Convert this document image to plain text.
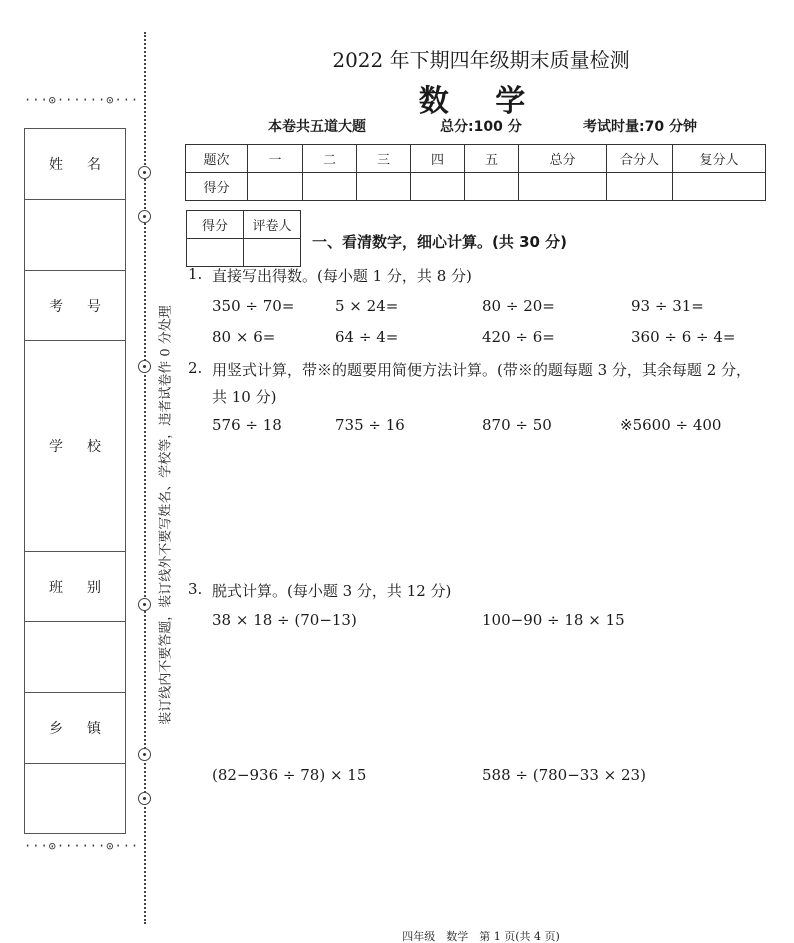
···⊙······⊙···
姓	名
考	号
学	校
班	别
乡	镇
···⊙······⊙···
装订线内不要答题，装订线外不要写姓名、学校等，违者试卷作 0 分处理
2022 年下期四年级期末质量检测
数 学
本卷共五道大题	总分:100 分	考试时量:70 分钟
题次	一	二	三	四	五	总分	合分人	复分人
得分								
得分	评卷人

一、看清数字，细心计算。(共 30 分)
1. 直接写出得数。(每小题 1 分，共 8 分)
350 ÷ 70=	5 × 24=	80 ÷ 20=	93 ÷ 31=
80 × 6=	64 ÷ 4=	420 ÷ 6=	360 ÷ 6 ÷ 4=
2. 用竖式计算，带※的题要用简便方法计算。(带※的题每题 3 分，其余每题 2 分，
共 10 分)
576 ÷ 18	735 ÷ 16	870 ÷ 50	※5600 ÷ 400
3. 脱式计算。(每小题 3 分，共 12 分)
38 × 18 ÷ (70−13)	100−90 ÷ 18 × 15
(82−936 ÷ 78) × 15	588 ÷ (780−33 × 23)
四年级　数学　第 1 页(共 4 页)
